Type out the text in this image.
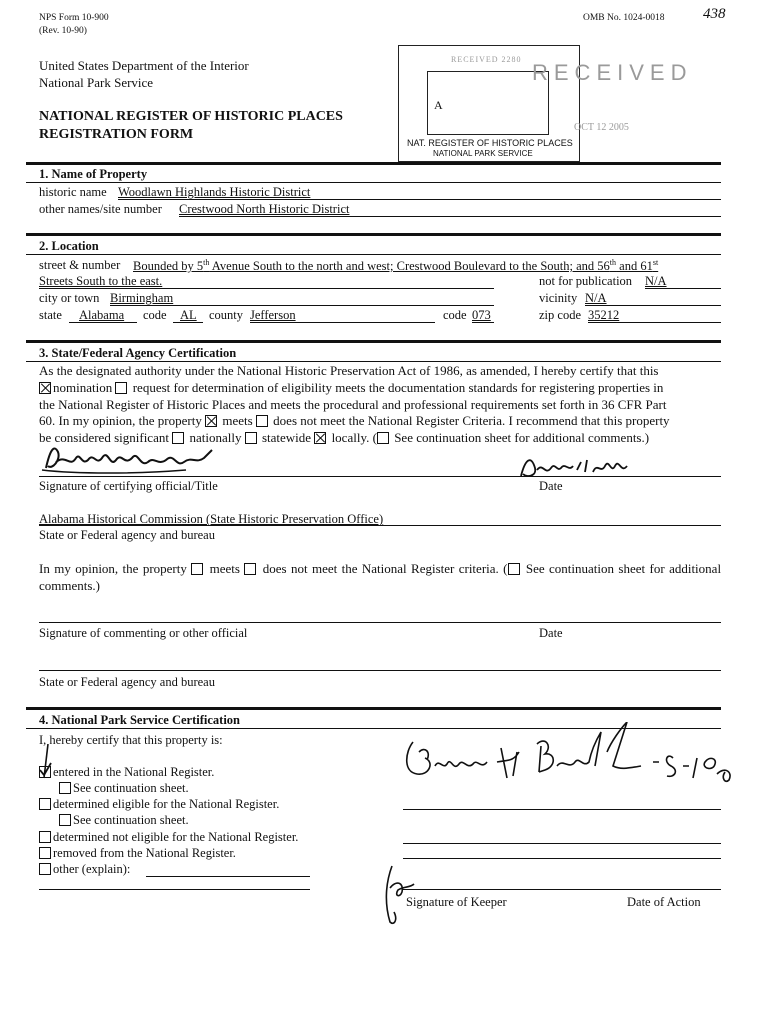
NPS Form 10-900
(Rev. 10-90)
OMB No. 1024-0018	438
United States Department of the Interior
National Park Service
NATIONAL REGISTER OF HISTORIC PLACES
REGISTRATION FORM
RECEIVED 2280
A
NAT. REGISTER OF HISTORIC PLACES
NATIONAL PARK SERVICE
RECEIVED
OCT 12 2005
1. Name of Property
historic name Woodlawn Highlands Historic District
other names/site number Crestwood North Historic District
2. Location
street & number Bounded by 5th Avenue South to the north and west; Crestwood Boulevard to the South; and 56th and 61st
Streets South to the east.	not for publication N/A
city or town Birmingham	vicinity N/A
state Alabama code AL county Jefferson	code 073	zip code 35212
3. State/Federal Agency Certification
As the designated authority under the National Historic Preservation Act of 1986, as amended, I hereby certify that this
nomination request for determination of eligibility meets the documentation standards for registering properties in
the National Register of Historic Places and meets the procedural and professional requirements set forth in 36 CFR Part
60. In my opinion, the property meets does not meet the National Register Criteria. I recommend that this property
be considered significant nationally statewide locally. ( See continuation sheet for additional comments.)
Signature of certifying official/Title	Date
Alabama Historical Commission (State Historic Preservation Office)
State or Federal agency and bureau
In my opinion, the property meets does not meet the National Register criteria. ( See continuation sheet for additional comments.)
Signature of commenting or other official	Date
State or Federal agency and bureau
4. National Park Service Certification
I, hereby certify that this property is:
entered in the National Register.
See continuation sheet.
determined eligible for the National Register.
See continuation sheet.
determined not eligible for the National Register.
removed from the National Register.
other (explain):
Signature of Keeper	Date of Action
